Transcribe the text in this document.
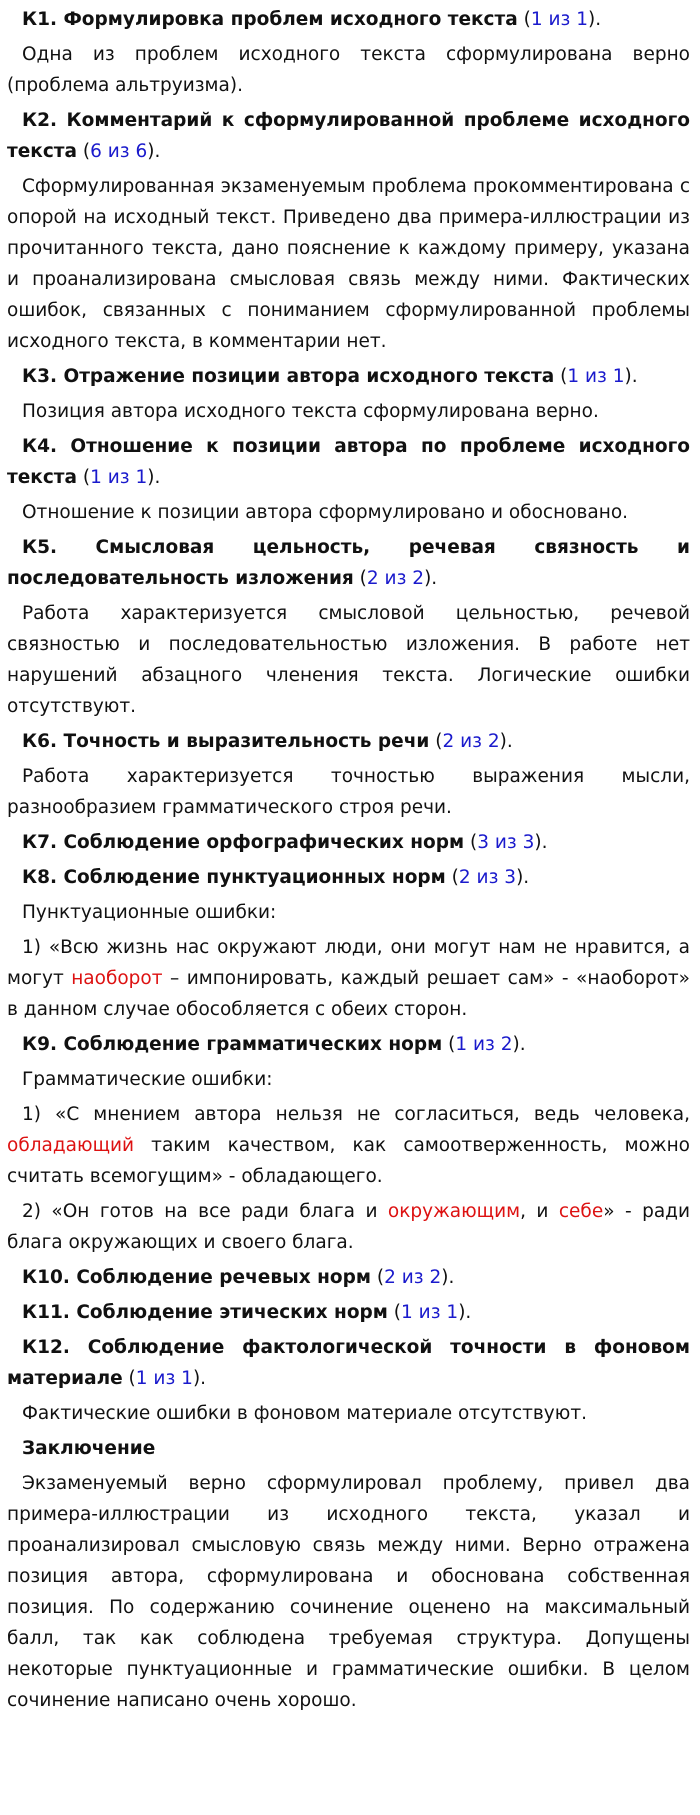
К1. Формулировка проблем исходного текста (1 из 1).

Одна из проблем исходного текста сформулирована верно (проблема альтруизма).

К2. Комментарий к сформулированной проблеме исходного текста (6 из 6).

Сформулированная экзаменуемым проблема прокомментирована с опорой на исходный текст. Приведено два примера-иллюстрации из прочитанного текста, дано пояснение к каждому примеру, указана и проанализирована смысловая связь между ними. Фактических ошибок, связанных с пониманием сформулированной проблемы исходного текста, в комментарии нет.

К3. Отражение позиции автора исходного текста (1 из 1).

Позиция автора исходного текста сформулирована верно.

К4. Отношение к позиции автора по проблеме исходного текста (1 из 1).

Отношение к позиции автора сформулировано и обосновано.

К5. Смысловая цельность, речевая связность и последовательность изложения (2 из 2).

Работа характеризуется смысловой цельностью, речевой связностью и последовательностью изложения. В работе нет нарушений абзацного членения текста. Логические ошибки отсутствуют.

К6. Точность и выразительность речи (2 из 2).

Работа характеризуется точностью выражения мысли, разнообразием грамматического строя речи.

К7. Соблюдение орфографических норм (3 из 3).

К8. Соблюдение пунктуационных норм (2 из 3).

Пунктуационные ошибки:

1) «Всю жизнь нас окружают люди, они могут нам не нравится, а могут наоборот – импонировать, каждый решает сам» - «наоборот» в данном случае обособляется с обеих сторон.

К9. Соблюдение грамматических норм (1 из 2).

Грамматические ошибки:

1) «С мнением автора нельзя не согласиться, ведь человека, обладающий таким качеством, как самоотверженность, можно считать всемогущим» - обладающего.

2) «Он готов на все ради блага и окружающим, и себе» - ради блага окружающих и своего блага.

К10. Соблюдение речевых норм (2 из 2).

К11. Соблюдение этических норм (1 из 1).

К12. Соблюдение фактологической точности в фоновом материале (1 из 1).

Фактические ошибки в фоновом материале отсутствуют.

Заключение

Экзаменуемый верно сформулировал проблему, привел два примера-иллюстрации из исходного текста, указал и проанализировал смысловую связь между ними. Верно отражена позиция автора, сформулирована и обоснована собственная позиция. По содержанию сочинение оценено на максимальный балл, так как соблюдена требуемая структура. Допущены некоторые пунктуационные и грамматические ошибки. В целом сочинение написано очень хорошо.
